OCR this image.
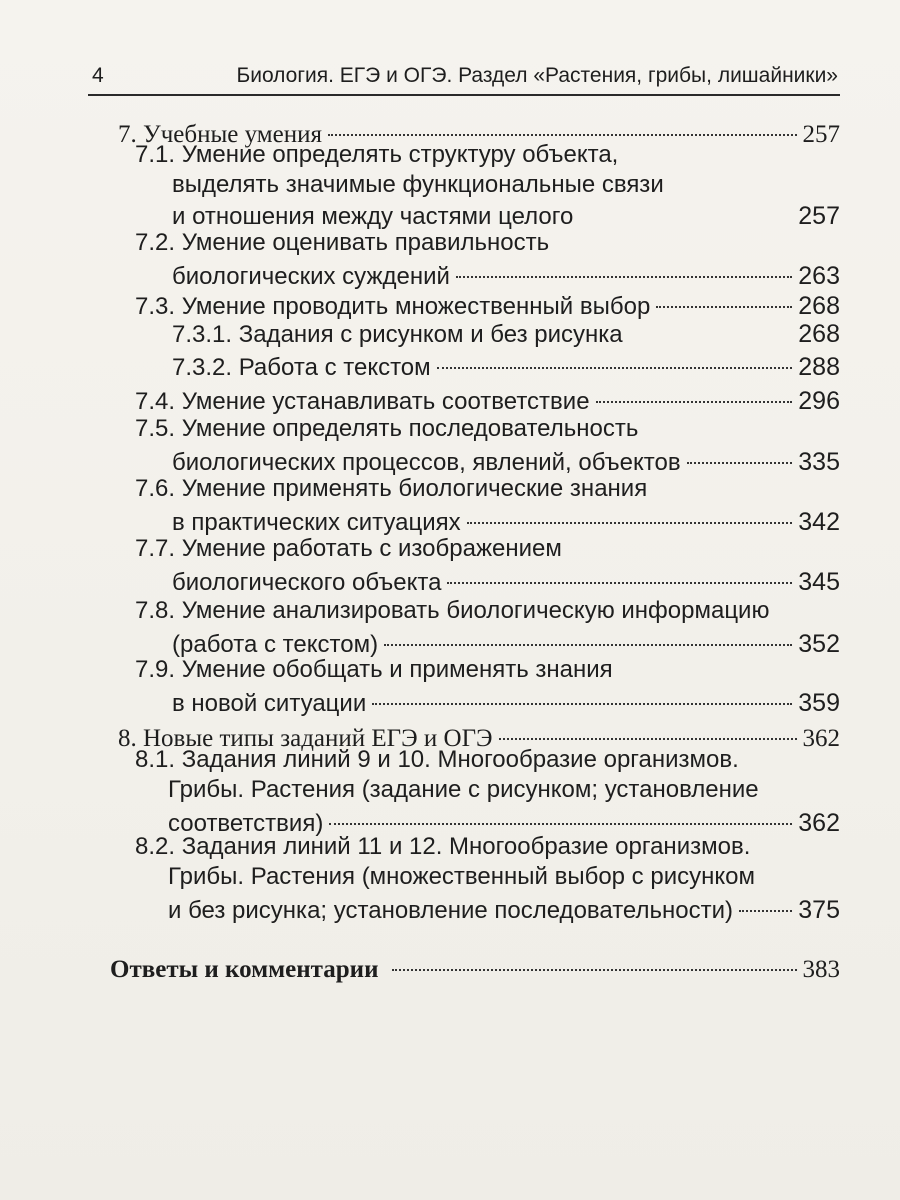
4	Биология. ЕГЭ и ОГЭ. Раздел «Растения, грибы, лишайники»
7. Учебные умения	257
7.1. Умение определять структуру объекта,
выделять значимые функциональные связи
и отношения между частями целого	257
7.2. Умение оценивать правильность
биологических суждений	263
7.3. Умение проводить множественный выбор	268
7.3.1. Задания с рисунком и без рисунка	268
7.3.2. Работа с текстом	288
7.4. Умение устанавливать соответствие	296
7.5. Умение определять последовательность
биологических процессов, явлений, объектов	335
7.6. Умение применять биологические знания
в практических ситуациях	342
7.7. Умение работать с изображением
биологического объекта	345
7.8. Умение анализировать биологическую информацию
(работа с текстом)	352
7.9. Умение обобщать и применять знания
в новой ситуации	359
8. Новые типы заданий ЕГЭ и ОГЭ	362
8.1. Задания линий 9 и 10. Многообразие организмов.
Грибы. Растения (задание с рисунком; установление
соответствия)	362
8.2. Задания линий 11 и 12. Многообразие организмов.
Грибы. Растения (множественный выбор с рисунком
и без рисунка; установление последовательности)	375
Ответы и комментарии	383
